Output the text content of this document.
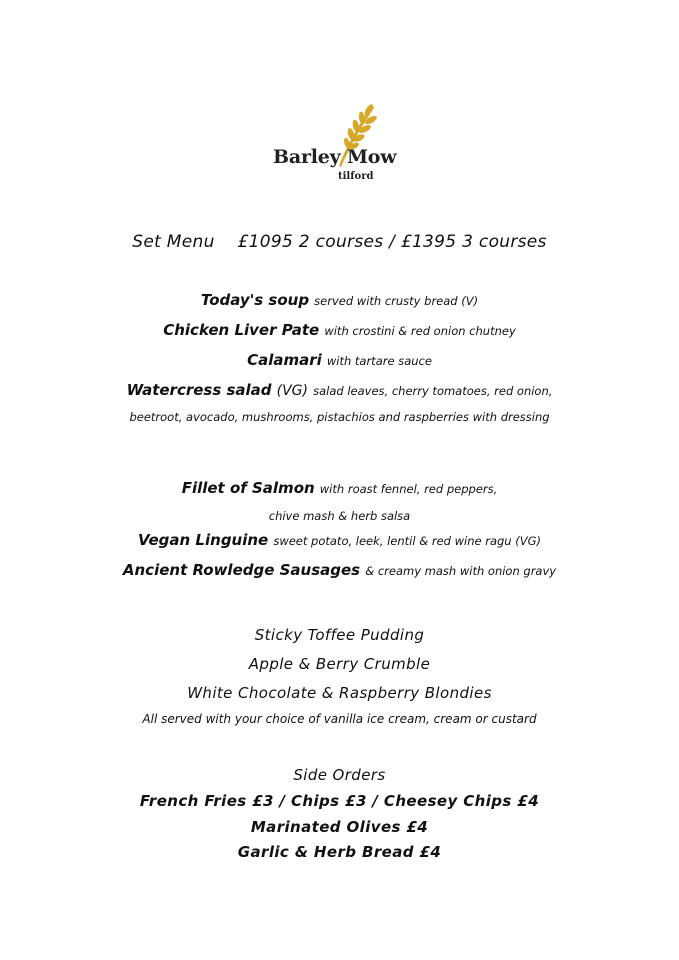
Barley Mow
tilford
Set Menu £1095 2 courses / £1395 3 courses
Today's soup served with crusty bread (V)
Chicken Liver Pate with crostini & red onion chutney
Calamari with tartare sauce
Watercress salad (VG) salad leaves, cherry tomatoes, red onion,
beetroot, avocado, mushrooms, pistachios and raspberries with dressing
Fillet of Salmon with roast fennel, red peppers,
chive mash & herb salsa
Vegan Linguine sweet potato, leek, lentil & red wine ragu (VG)
Ancient Rowledge Sausages & creamy mash with onion gravy
Sticky Toffee Pudding
Apple & Berry Crumble
White Chocolate & Raspberry Blondies
All served with your choice of vanilla ice cream, cream or custard
Side Orders
French Fries £3 / Chips £3 / Cheesey Chips £4
Marinated Olives £4
Garlic & Herb Bread £4
